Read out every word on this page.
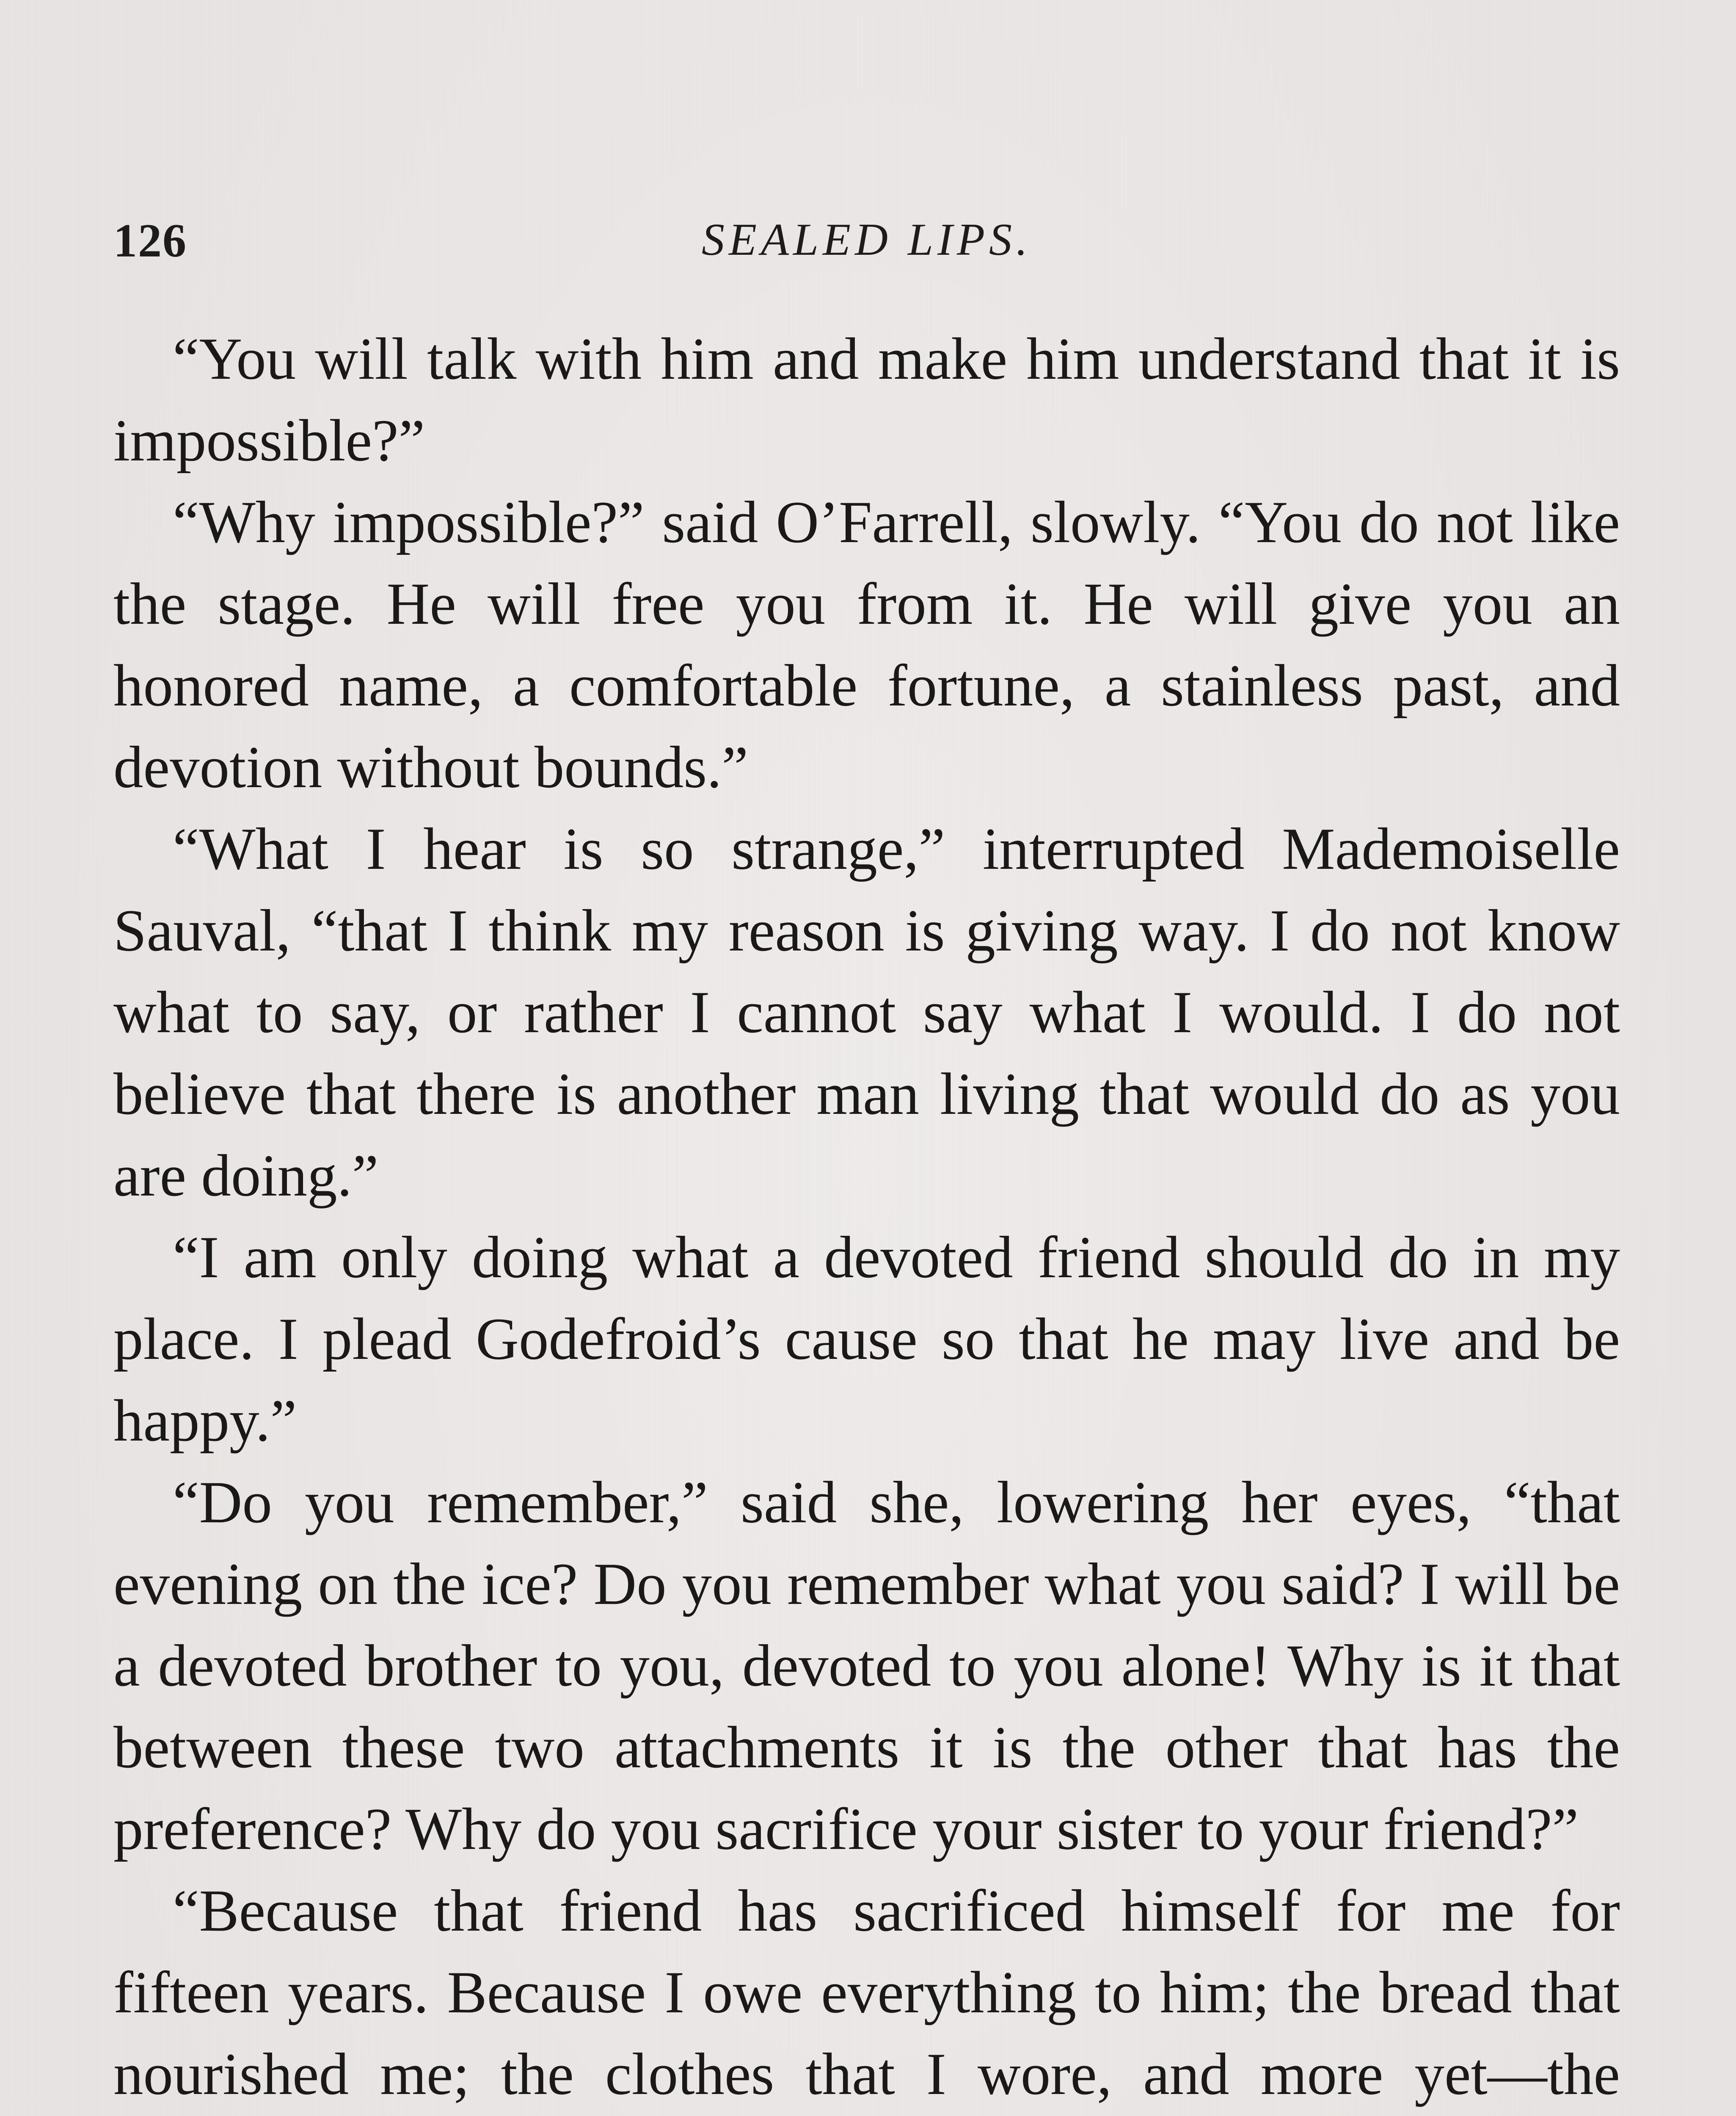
126	SEALED LIPS.

“You will talk with him and make him understand that it is impossible?”

“Why impossible?” said O’Farrell, slowly. “You do not like the stage. He will free you from it. He will give you an honored name, a comfortable fortune, a stainless past, and devotion without bounds.”

“What I hear is so strange,” interrupted Mademoiselle Sauval, “that I think my reason is giving way. I do not know what to say, or rather I cannot say what I would. I do not believe that there is another man living that would do as you are doing.”

“I am only doing what a devoted friend should do in my place. I plead Godefroid’s cause so that he may live and be happy.”

“Do you remember,” said she, lowering her eyes, “that evening on the ice? Do you remember what you said? I will be a devoted brother to you, devoted to you alone! Why is it that between these two attachments it is the other that has the preference? Why do you sacrifice your sister to your friend?”

“Because that friend has sacrificed himself for me for fifteen years. Because I owe everything to him; the bread that nourished me; the clothes that I wore, and more yet—the
